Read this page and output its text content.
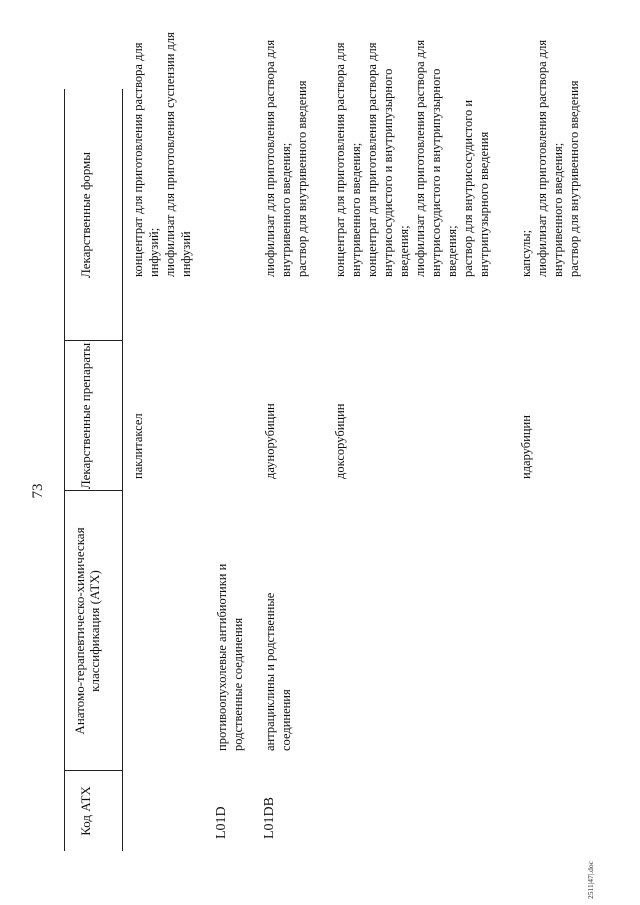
73
2511|47|.doc
Код АТХ
Анатомо-терапевтическо-химическая классификация (АТХ)
Лекарственные препараты
Лекарственные формы
паклитаксел
концентрат для приготовления раствора для инфузий; лиофилизат для приготовления суспензии для инфузий
L01D
противоопухолевые антибиотики и родственные соединения
L01DB
антрациклины и родственные соединения
даунорубицин
лиофилизат для приготовления раствора для внутривенного введения; раствор для внутривенного введения
доксорубицин
концентрат для приготовления раствора для внутривенного введения; концентрат для приготовления раствора для внутрисосудистого и внутрипузырного введения; лиофилизат для приготовления раствора для внутрисосудистого и внутрипузырного введения; раствор для внутрисосудистого и внутрипузырного введения
идарубицин
капсулы; лиофилизат для приготовления раствора для внутривенного введения; раствор для внутривенного введения
